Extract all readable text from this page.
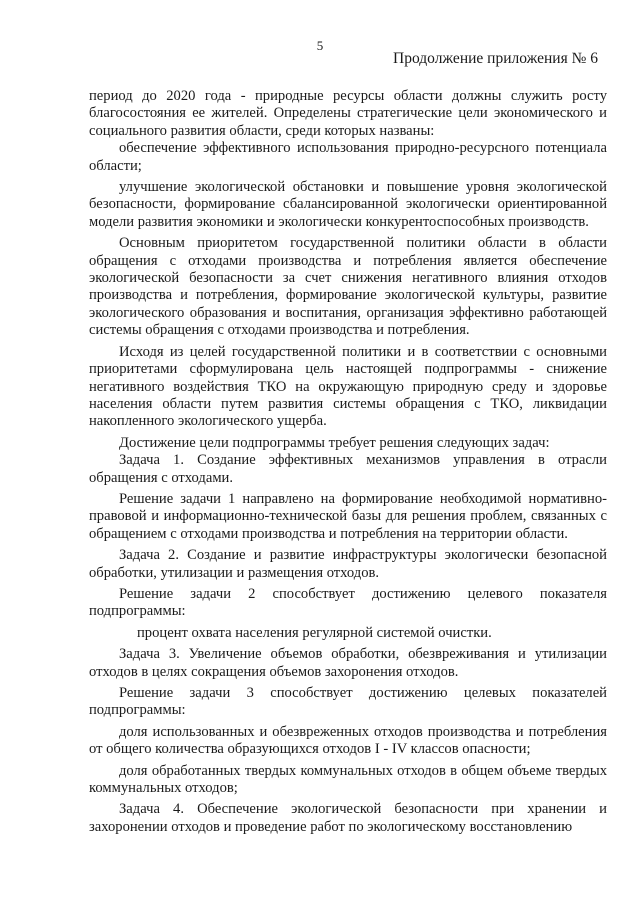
5
Продолжение приложения № 6

период до 2020 года - природные ресурсы области должны служить росту благосостояния ее жителей. Определены стратегические цели экономического и социального развития области, среди которых названы:

обеспечение эффективного использования природно-ресурсного потенциала области;

улучшение экологической обстановки и повышение уровня экологической безопасности, формирование сбалансированной экологически ориентированной модели развития экономики и экологически конкурентоспособных производств.

Основным приоритетом государственной политики области в области обращения с отходами производства и потребления является обеспечение экологической безопасности за счет снижения негативного влияния отходов производства и потребления, формирование экологической культуры, развитие экологического образования и воспитания, организация эффективно работающей системы обращения с отходами производства и потребления.

Исходя из целей государственной политики и в соответствии с основными приоритетами сформулирована цель настоящей подпрограммы - снижение негативного воздействия ТКО на окружающую природную среду и здоровье населения области путем развития системы обращения с ТКО, ликвидации накопленного экологического ущерба.

Достижение цели подпрограммы требует решения следующих задач:

Задача 1. Создание эффективных механизмов управления в отрасли обращения с отходами.

Решение задачи 1 направлено на формирование необходимой нормативно-правовой и информационно-технической базы для решения проблем, связанных с обращением с отходами производства и потребления на территории области.

Задача 2. Создание и развитие инфраструктуры экологически безопасной обработки, утилизации и размещения отходов.

Решение задачи 2 способствует достижению целевого показателя подпрограммы:

процент охвата населения регулярной системой очистки.

Задача 3. Увеличение объемов обработки, обезвреживания и утилизации отходов в целях сокращения объемов захоронения отходов.

Решение задачи 3 способствует достижению целевых показателей подпрограммы:

доля использованных и обезвреженных отходов производства и потребления от общего количества образующихся отходов I - IV классов опасности;

доля обработанных твердых коммунальных отходов в общем объеме твердых коммунальных отходов;

Задача 4. Обеспечение экологической безопасности при хранении и захоронении отходов и проведение работ по экологическому восстановлению
